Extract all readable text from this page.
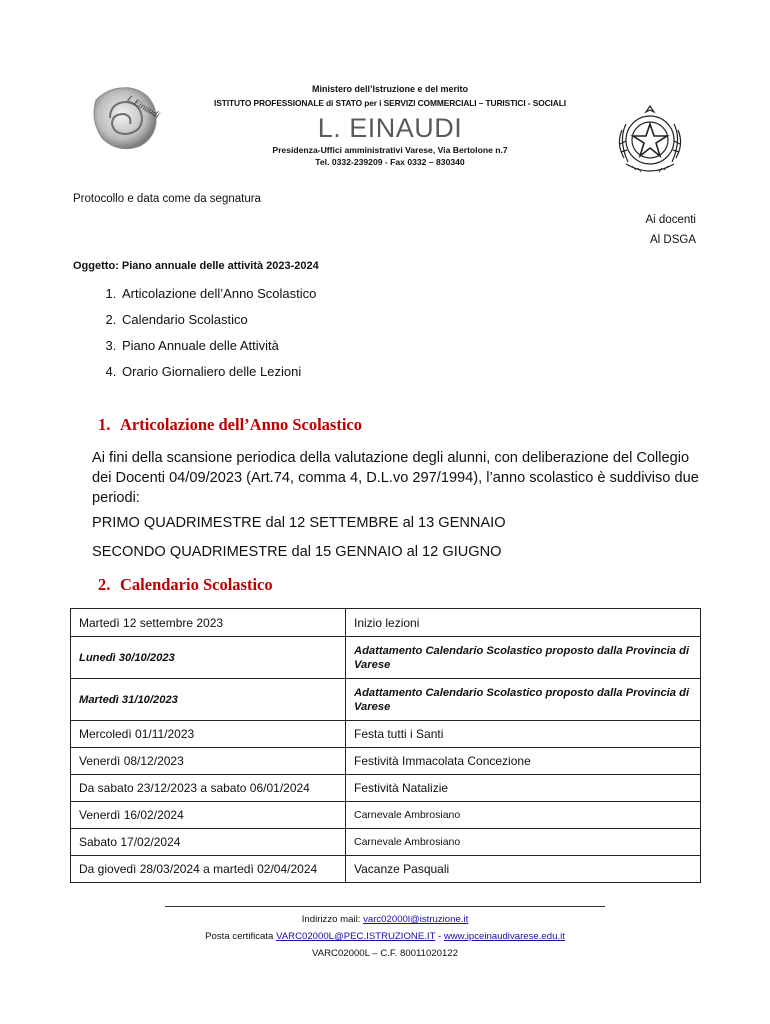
L.Einaudi
Ministero dell’Istruzione e del merito
ISTITUTO PROFESSIONALE di STATO per i SERVIZI COMMERCIALI – TURISTICI - SOCIALI
L. EINAUDI
Presidenza-Uffici amministrativi Varese, Via Bertolone n.7
Tel. 0332-239209 - Fax 0332 – 830340
Protocollo e data come da segnatura
Ai docenti
Al DSGA
Oggetto: Piano annuale delle attività 2023-2024
1. Articolazione dell’Anno Scolastico
2. Calendario Scolastico
3. Piano Annuale delle Attività
4. Orario Giornaliero delle Lezioni
1. Articolazione dell’Anno Scolastico
Ai fini della scansione periodica della valutazione degli alunni, con deliberazione del Collegio dei Docenti 04/09/2023 (Art.74, comma 4, D.L.vo 297/1994), l’anno scolastico è suddiviso due periodi:
PRIMO QUADRIMESTRE dal 12 SETTEMBRE al 13 GENNAIO
SECONDO QUADRIMESTRE dal 15 GENNAIO al 12 GIUGNO
2. Calendario Scolastico
Martedì 12 settembre 2023	Inizio lezioni
Lunedì 30/10/2023	Adattamento Calendario Scolastico proposto dalla Provincia di Varese
Martedì 31/10/2023	Adattamento Calendario Scolastico proposto dalla Provincia di Varese
Mercoledì 01/11/2023	Festa tutti i Santi
Venerdì 08/12/2023	Festività Immacolata Concezione
Da sabato 23/12/2023 a sabato 06/01/2024	Festività Natalizie
Venerdì 16/02/2024	Carnevale Ambrosiano
Sabato 17/02/2024	Carnevale Ambrosiano
Da giovedì 28/03/2024 a martedì 02/04/2024	Vacanze Pasquali
Indirizzo mail: varc02000l@istruzione.it
Posta certificata VARC02000L@PEC.ISTRUZIONE.IT - www.ipceinaudivarese.edu.it
VARC02000L – C.F. 80011020122
